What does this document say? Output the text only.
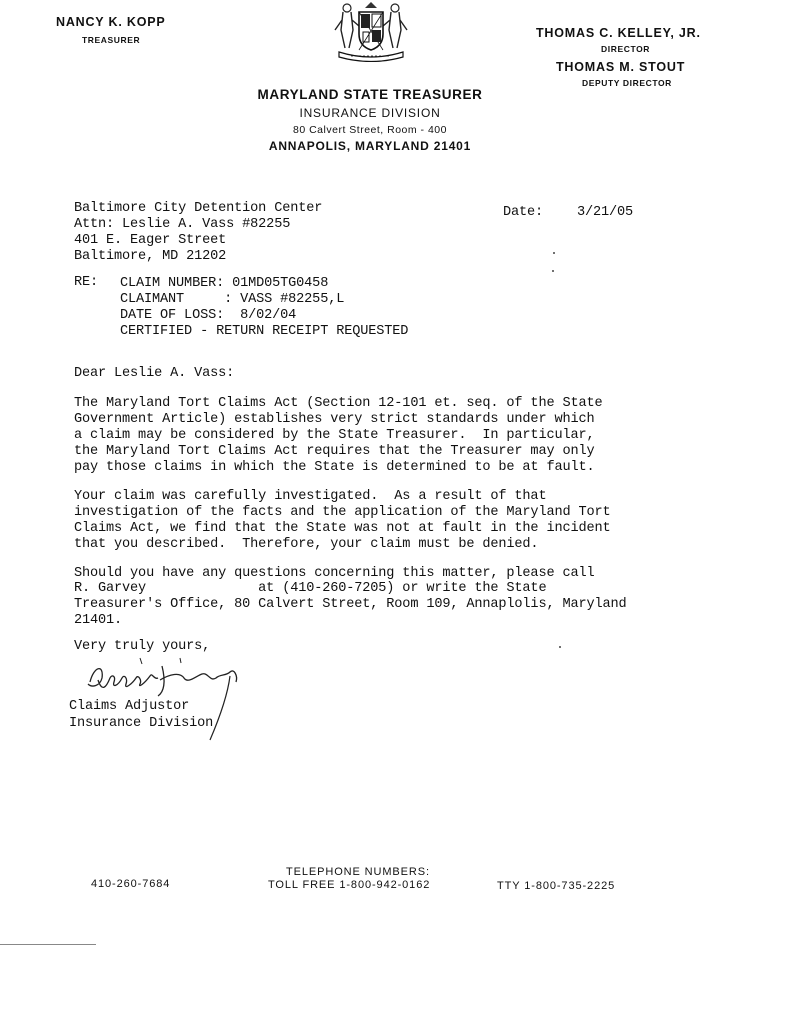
NANCY K. KOPP
TREASURER	THOMAS C. KELLEY, JR.
DIRECTOR
THOMAS M. STOUT
DEPUTY DIRECTOR
MARYLAND STATE TREASURER
INSURANCE DIVISION
80 Calvert Street, Room - 400
ANNAPOLIS, MARYLAND 21401
Baltimore City Detention Center
Attn: Leslie A. Vass #82255
401 E. Eager Street
Baltimore, MD 21202
Date: 3/21/05
RE: CLAIM NUMBER: 01MD05TG0458
CLAIMANT     : VASS #82255,L
DATE OF LOSS:  8/02/04
CERTIFIED - RETURN RECEIPT REQUESTED
Dear Leslie A. Vass:
The Maryland Tort Claims Act (Section 12-101 et. seq. of the State
Government Article) establishes very strict standards under which
a claim may be considered by the State Treasurer.  In particular,
the Maryland Tort Claims Act requires that the Treasurer may only
pay those claims in which the State is determined to be at fault.
Your claim was carefully investigated.  As a result of that
investigation of the facts and the application of the Maryland Tort
Claims Act, we find that the State was not at fault in the incident
that you described.  Therefore, your claim must be denied.
Should you have any questions concerning this matter, please call
R. Garvey              at (410-260-7205) or write the State
Treasurer's Office, 80 Calvert Street, Room 109, Annaplolis, Maryland
21401.
Very truly yours,
Claims Adjustor
Insurance Division
410-260-7684
TELEPHONE NUMBERS:
TOLL FREE 1-800-942-0162	TTY 1-800-735-2225
